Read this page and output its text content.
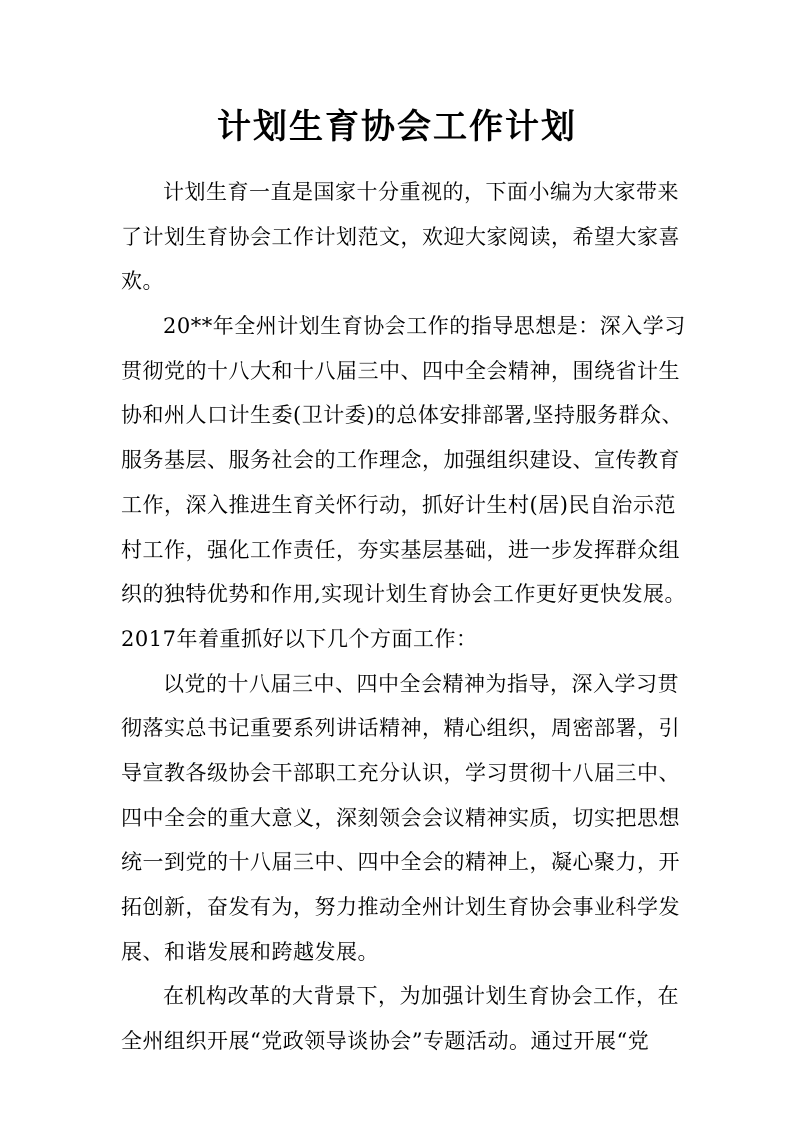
计划生育协会工作计划
计划生育一直是国家十分重视的，下面小编为大家带来
了计划生育协会工作计划范文，欢迎大家阅读，希望大家喜
欢。
20**年全州计划生育协会工作的指导思想是：深入学习
贯彻党的十八大和十八届三中、四中全会精神，围绕省计生
协和州人口计生委(卫计委)的总体安排部署,坚持服务群众、
服务基层、服务社会的工作理念，加强组织建设、宣传教育
工作，深入推进生育关怀行动，抓好计生村(居)民自治示范
村工作，强化工作责任，夯实基层基础，进一步发挥群众组
织的独特优势和作用,实现计划生育协会工作更好更快发展。
2017年着重抓好以下几个方面工作：
以党的十八届三中、四中全会精神为指导，深入学习贯
彻落实总书记重要系列讲话精神，精心组织，周密部署，引
导宣教各级协会干部职工充分认识，学习贯彻十八届三中、
四中全会的重大意义，深刻领会会议精神实质，切实把思想
统一到党的十八届三中、四中全会的精神上，凝心聚力，开
拓创新，奋发有为，努力推动全州计划生育协会事业科学发
展、和谐发展和跨越发展。
在机构改革的大背景下，为加强计划生育协会工作，在
全州组织开展“党政领导谈协会”专题活动。通过开展“党
